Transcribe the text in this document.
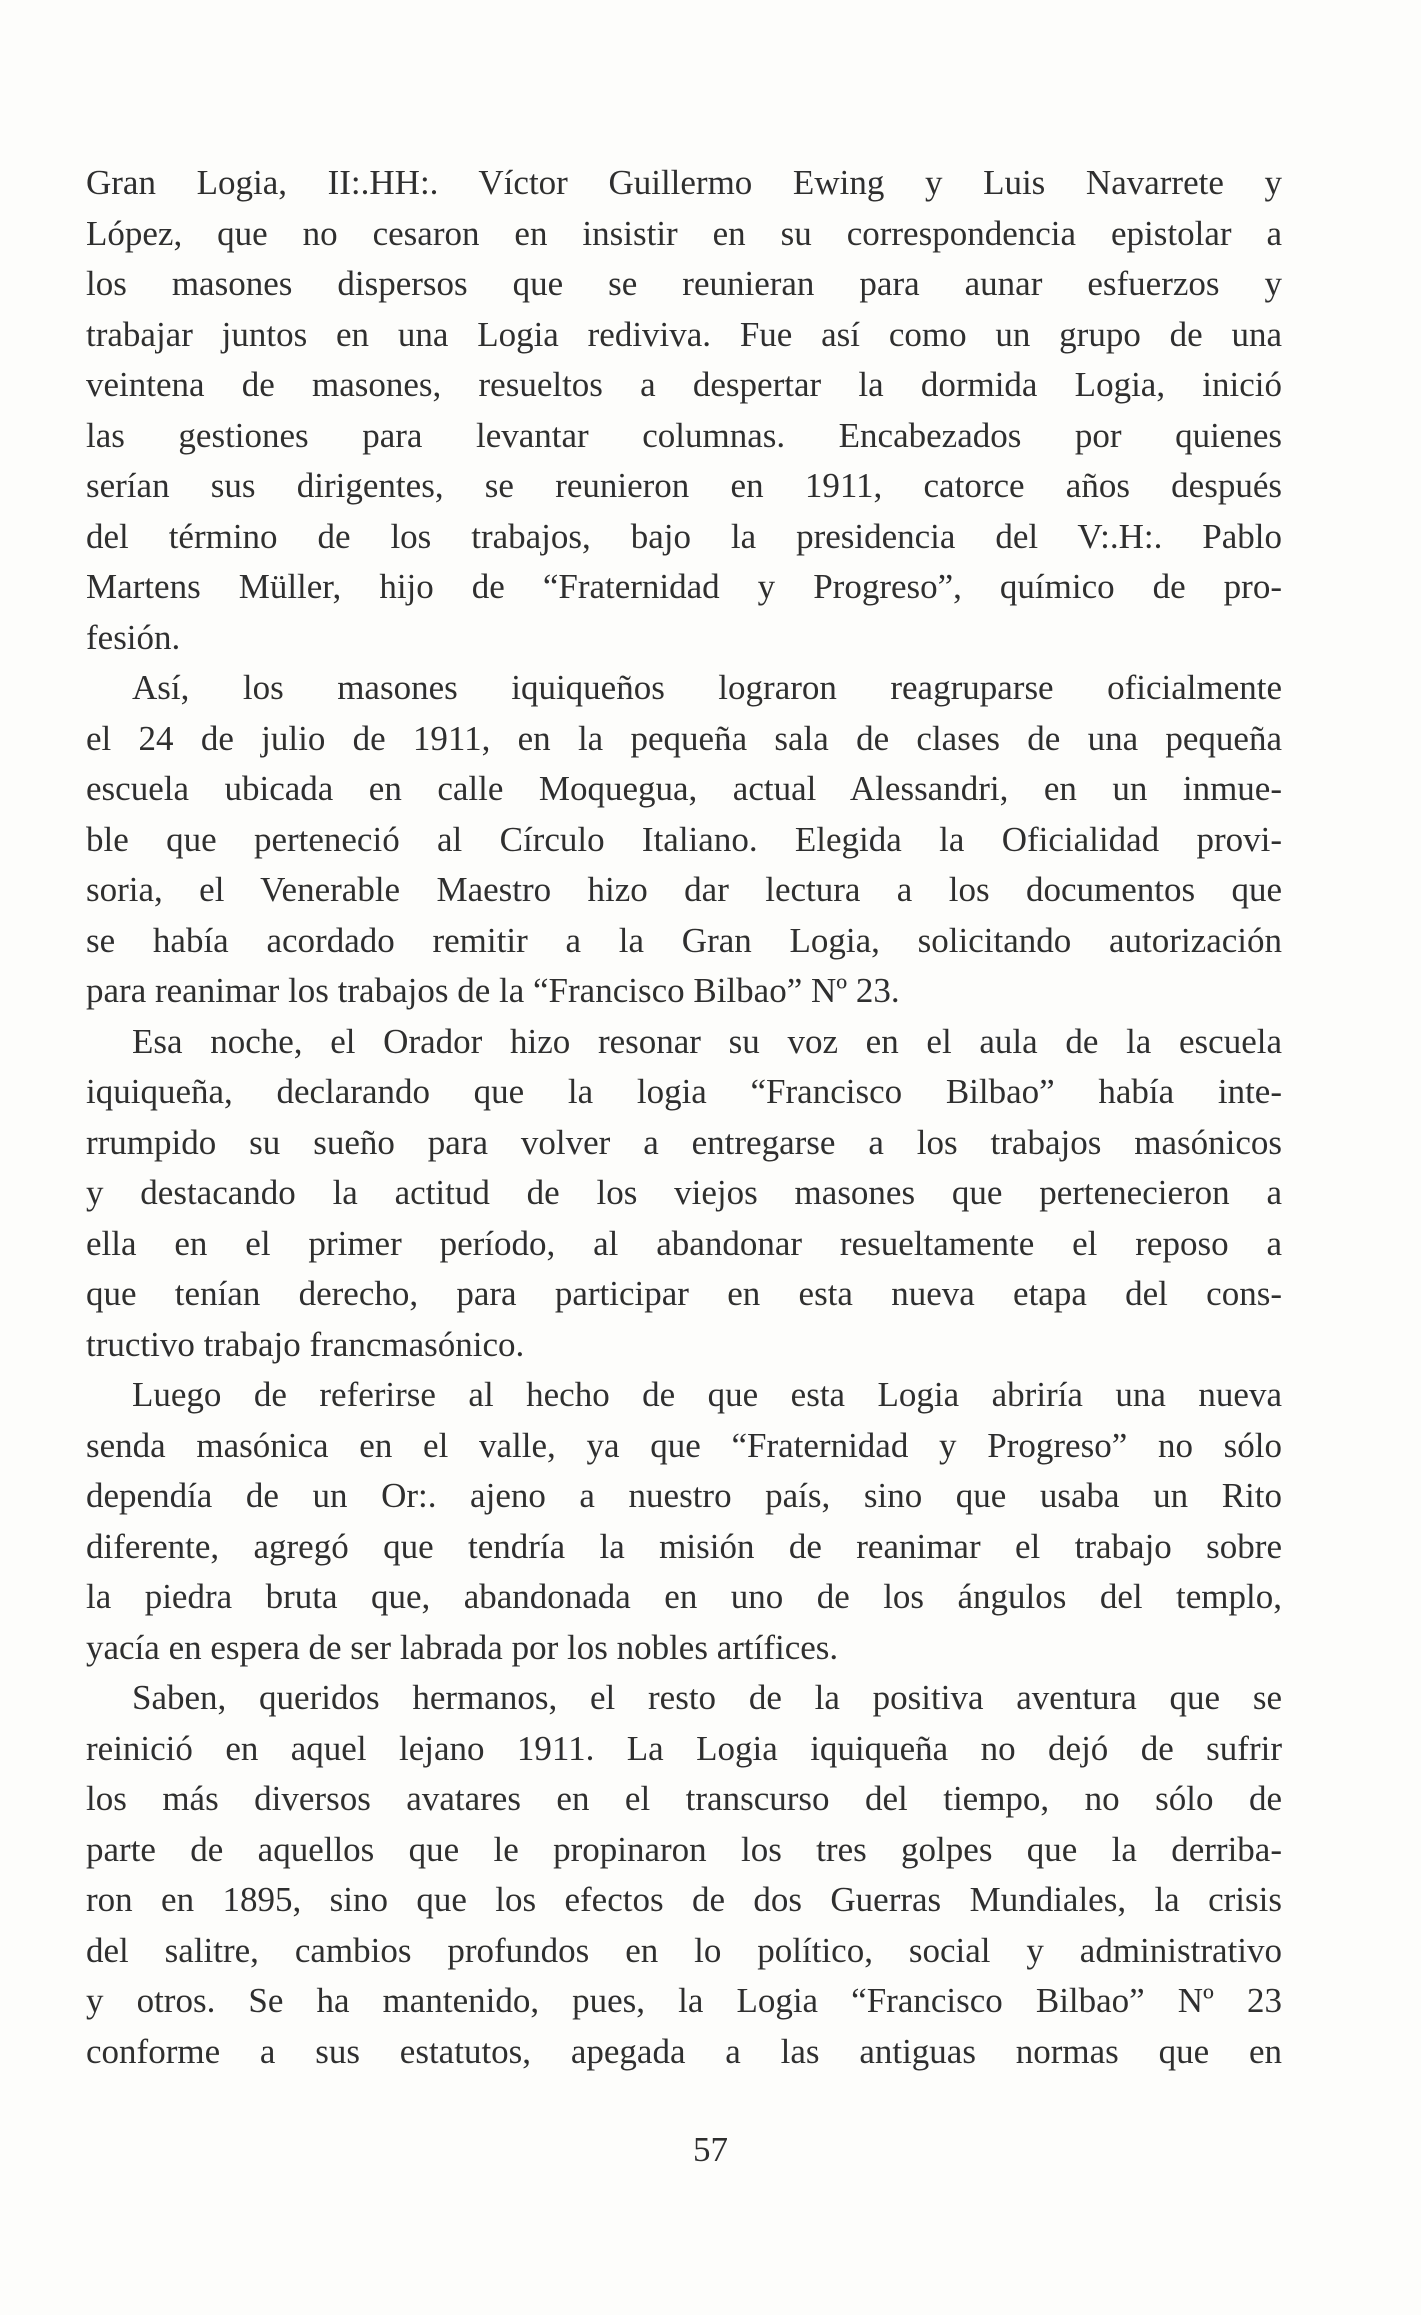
Gran Logia, II:.HH:. Víctor Guillermo Ewing y Luis Navarrete y
López, que no cesaron en insistir en su correspondencia epistolar a
los masones dispersos que se reunieran para aunar esfuerzos y
trabajar juntos en una Logia rediviva. Fue así como un grupo de una
veintena de masones, resueltos a despertar la dormida Logia, inició
las gestiones para levantar columnas. Encabezados por quienes
serían sus dirigentes, se reunieron en 1911, catorce años después
del término de los trabajos, bajo la presidencia del V:.H:. Pablo
Martens Müller, hijo de “Fraternidad y Progreso”, químico de pro-
fesión.

Así, los masones iquiqueños lograron reagruparse oficialmente
el 24 de julio de 1911, en la pequeña sala de clases de una pequeña
escuela ubicada en calle Moquegua, actual Alessandri, en un inmue-
ble que perteneció al Círculo Italiano. Elegida la Oficialidad provi-
soria, el Venerable Maestro hizo dar lectura a los documentos que
se había acordado remitir a la Gran Logia, solicitando autorización
para reanimar los trabajos de la “Francisco Bilbao” Nº 23.

Esa noche, el Orador hizo resonar su voz en el aula de la escuela
iquiqueña, declarando que la logia “Francisco Bilbao” había inte-
rrumpido su sueño para volver a entregarse a los trabajos masónicos
y destacando la actitud de los viejos masones que pertenecieron a
ella en el primer período, al abandonar resueltamente el reposo a
que tenían derecho, para participar en esta nueva etapa del cons-
tructivo trabajo francmasónico.

Luego de referirse al hecho de que esta Logia abriría una nueva
senda masónica en el valle, ya que “Fraternidad y Progreso” no sólo
dependía de un Or:. ajeno a nuestro país, sino que usaba un Rito
diferente, agregó que tendría la misión de reanimar el trabajo sobre
la piedra bruta que, abandonada en uno de los ángulos del templo,
yacía en espera de ser labrada por los nobles artífices.

Saben, queridos hermanos, el resto de la positiva aventura que se
reinició en aquel lejano 1911. La Logia iquiqueña no dejó de sufrir
los más diversos avatares en el transcurso del tiempo, no sólo de
parte de aquellos que le propinaron los tres golpes que la derriba-
ron en 1895, sino que los efectos de dos Guerras Mundiales, la crisis
del salitre, cambios profundos en lo político, social y administrativo
y otros. Se ha mantenido, pues, la Logia “Francisco Bilbao” Nº 23
conforme a sus estatutos, apegada a las antiguas normas que en

57
